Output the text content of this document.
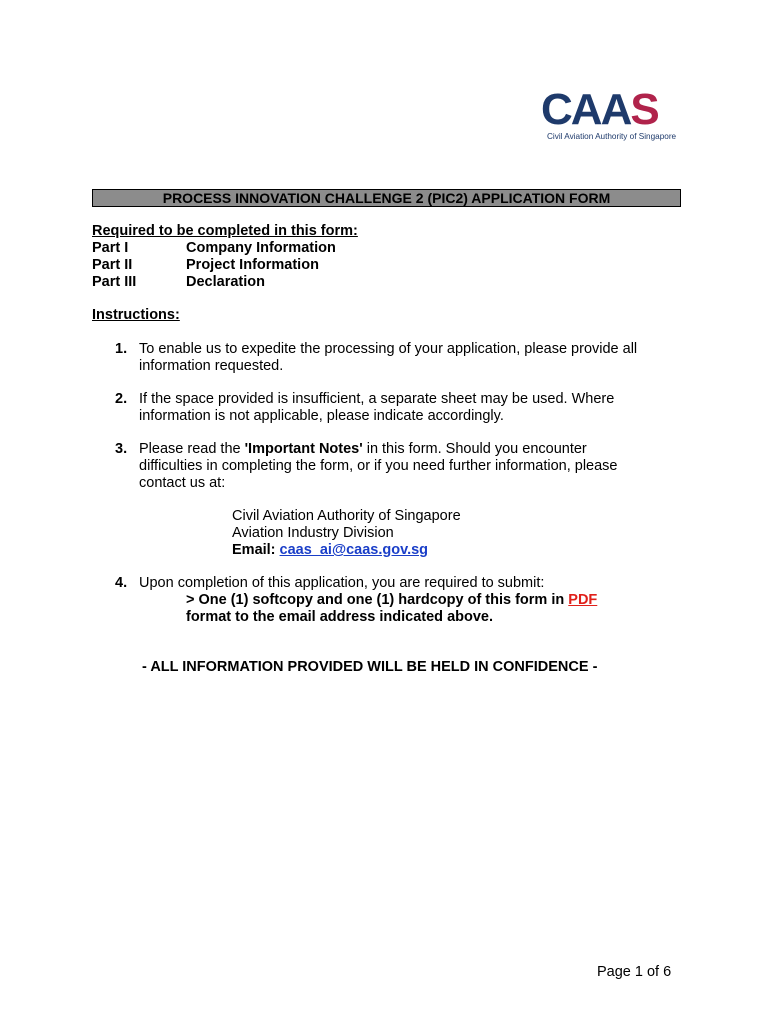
CAAS
Civil Aviation Authority of Singapore
PROCESS INNOVATION CHALLENGE 2 (PIC2) APPLICATION FORM
Required to be completed in this form:
Part I	Company Information
Part II	Project Information
Part III	Declaration
Instructions:
1. To enable us to expedite the processing of your application, please provide all
information requested.
2. If the space provided is insufficient, a separate sheet may be used. Where
information is not applicable, please indicate accordingly.
3. Please read the 'Important Notes' in this form. Should you encounter
difficulties in completing the form, or if you need further information, please
contact us at:
Civil Aviation Authority of Singapore
Aviation Industry Division
Email: caas_ai@caas.gov.sg
4. Upon completion of this application, you are required to submit:
> One (1) softcopy and one (1) hardcopy of this form in PDF
format to the email address indicated above.
- ALL INFORMATION PROVIDED WILL BE HELD IN CONFIDENCE -
Page 1 of 6
